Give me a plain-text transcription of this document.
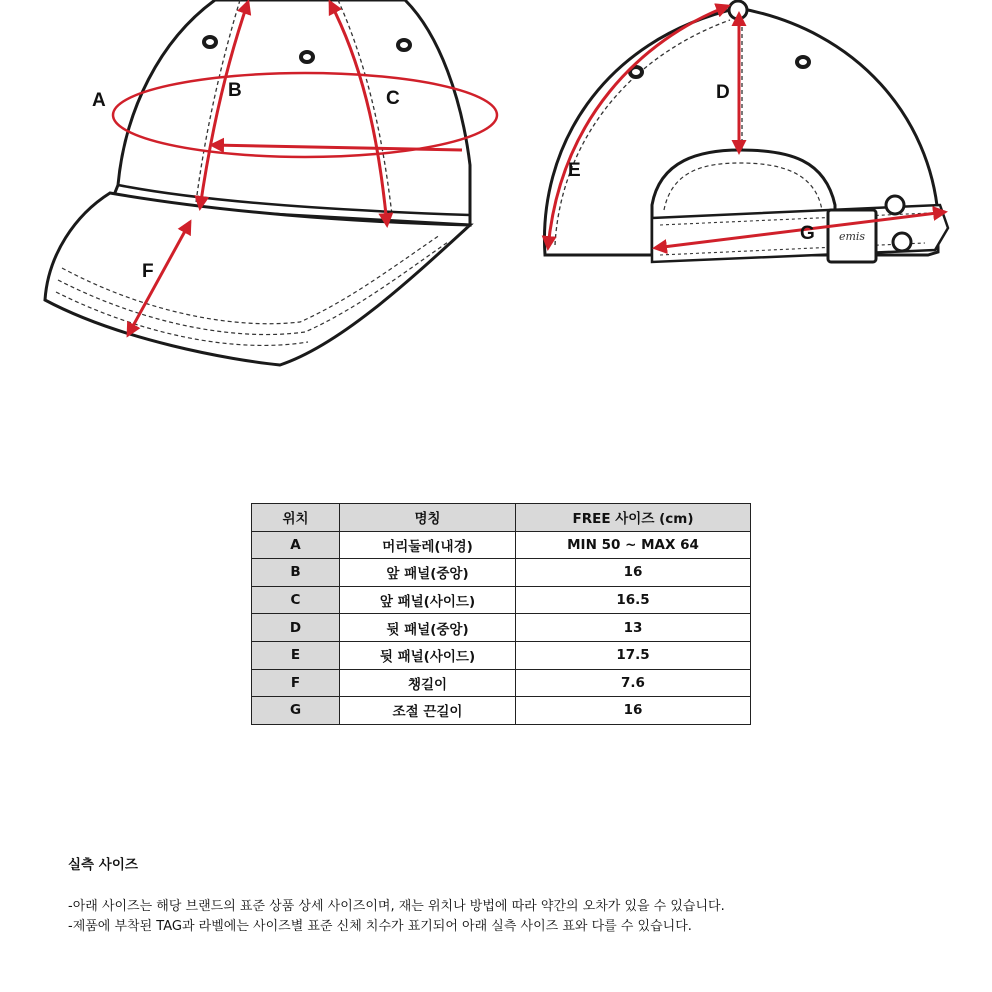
A	B	C
F
emis
D
E
G
위치	명칭	FREE 사이즈 (cm)
A	머리둘레(내경)	MIN 50 ~ MAX 64
B	앞 패널(중앙)	16
C	앞 패널(사이드)	16.5
D	뒷 패널(중앙)	13
E	뒷 패널(사이드)	17.5
F	챙길이	7.6
G	조절 끈길이	16

실측 사이즈

-아래 사이즈는 해당 브랜드의 표준 상품 상세 사이즈이며, 재는 위치나 방법에 따라 약간의 오차가 있을 수 있습니다.

-제품에 부착된 TAG과 라벨에는 사이즈별 표준 신체 치수가 표기되어 아래 실측 사이즈 표와 다를 수 있습니다.
